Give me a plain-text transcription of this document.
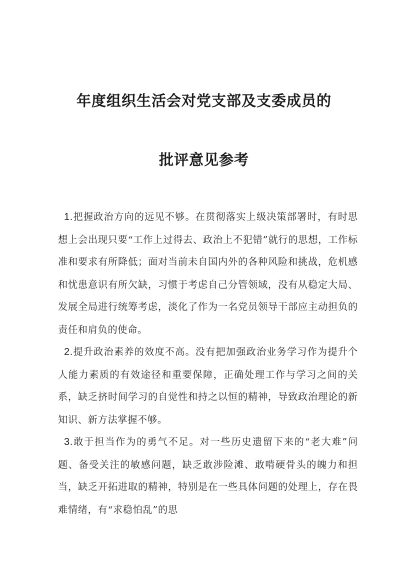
年度组织生活会对党支部及支委成员的
批评意见参考

1.把握政治方向的远见不够。在贯彻落实上级决策部署时，有时思想上会出现只要“工作上过得去、政治上不犯错”就行的思想，工作标准和要求有所降低；面对当前未自国内外的各种风险和挑战，危机感和忧患意识有所欠缺，习惯于考虑自己分管领域，没有从稳定大局、发展全局进行统筹考虑，淡化了作为一名党员领导干部应主动担负的责任和肩负的使命。

2.提升政治素养的效度不高。没有把加强政治业务学习作为提升个人能力素质的有效途径和重要保障，正确处理工作与学习之间的关系，缺乏挤时间学习的自觉性和持之以恒的精神，导致政治理论的新知识、新方法掌握不够。

3.敢于担当作为的勇气不足。对一些历史遗留下来的“老大难”问题、备受关注的敏感问题，缺乏敢涉险滩、敢啃硬骨头的魄力和担当，缺乏开拓进取的精神，特别是在一些具体问题的处理上，存在畏难情绪，有“求稳怕乱”的思
